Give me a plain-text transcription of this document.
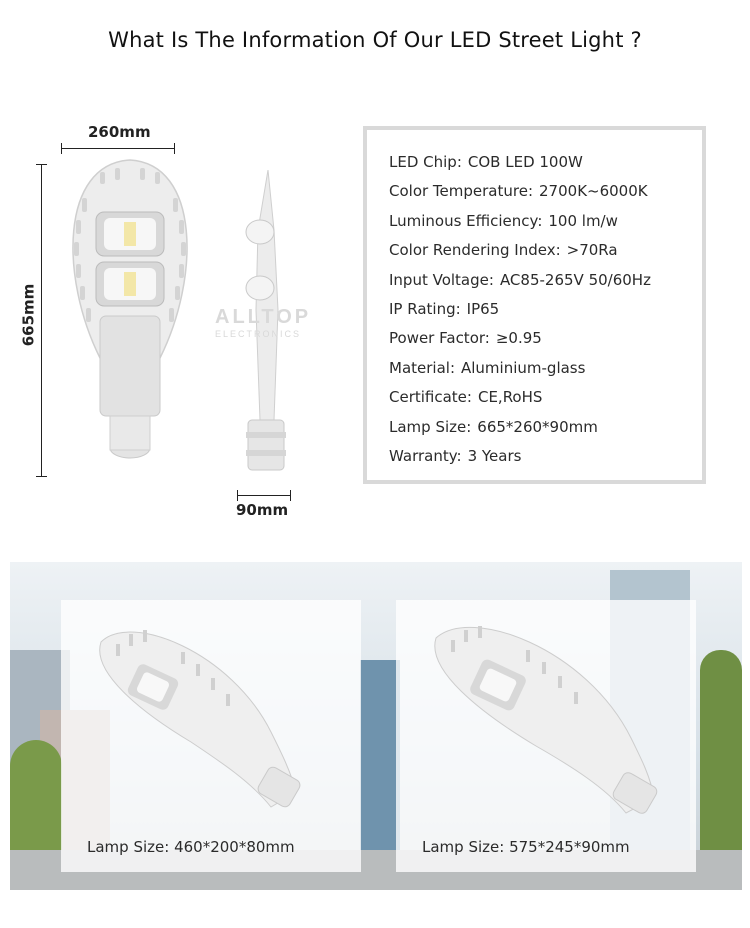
What Is The Information Of Our LED Street Light ?
260mm
665mm
90mm
ALLTOP
ELECTRONICS
LED Chip: COB LED 100W
Color Temperature: 2700K~6000K
Luminous Efficiency: 100 lm/w
Color Rendering Index: >70Ra
Input Voltage: AC85-265V 50/60Hz
IP Rating: IP65
Power Factor: ≥0.95
Material: Aluminium-glass
Certificate: CE,RoHS
Lamp Size: 665*260*90mm
Warranty: 3 Years
Lamp Size: 460*200*80mm	Lamp Size: 575*245*90mm
